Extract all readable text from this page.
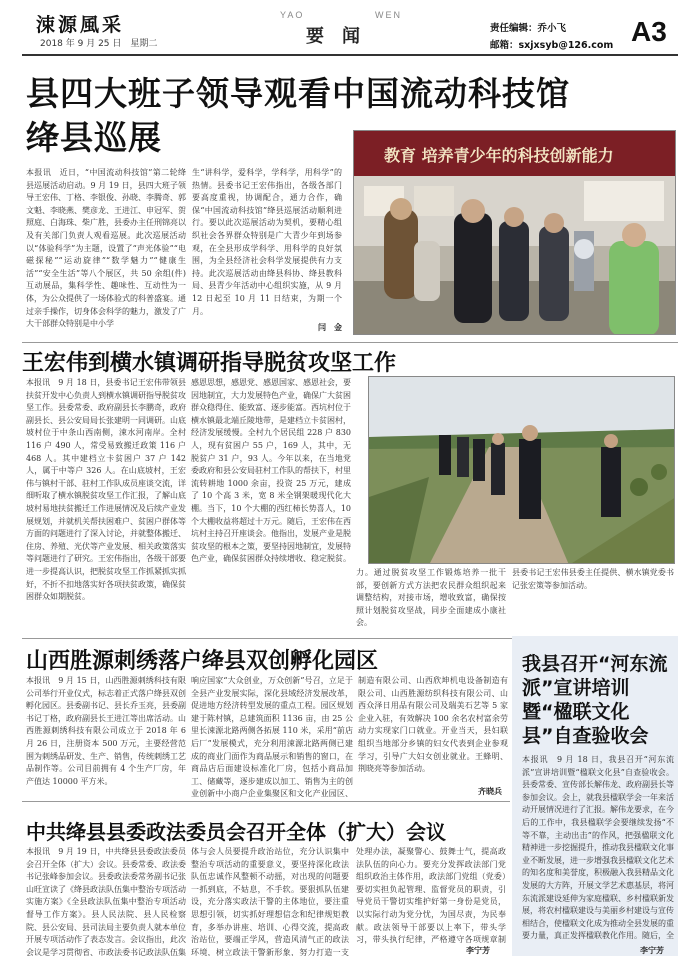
涑源風采
2018 年 9 月 25 日　星期二
YAO	WEN
要闻	责任编辑：乔小飞
邮箱：sxjxsyb@126.com A3
县四大班子领导观看中国流动科技馆
绛县巡展
本报讯　近日，“中国流动科技馆”第二轮绛县巡展活动启动。9 月 19 日，县四大班子领导王宏伟、丁格、李银俊、孙晓、李腾奇、郭文魁、李晓燕、樊彦龙、王进江、申冠军、贺照庭、白海珠、柴广胜，县委办主任刑锦亮以及有关部门负责人观看巡展。此次巡展活动以“体验科学”为主题，设置了“声光体验”“电磁探秘”“运动旋律”“数学魅力”“健康生活”“安全生活”等八个展区，共 50 余组(件)互动展品，集科学性、趣味性、互动性为一体，为公众提供了一场体验式的科普盛宴。通过亲手操作，切身体会科学的魅力，激发了广大干部群众特别是中小学
生“讲科学，爱科学，学科学，用科学”的热情。县委书记王宏伟指出，各级各部门要高度重视，协调配合，通力合作，确保“中国流动科技馆”绛县巡展活动顺利进行。要以此次巡展活动为契机，要精心组织社会各界群众特别是广大青少年到场参观，在全县形成学科学、用科学的良好氛围，为全县经济社会科学发展提供有力支持。此次巡展活动由绛县科协、绛县教科局、县青少年活动中心组织实施，从 9 月 12 日起至 10 月 11 日结束，为期一个月。
闫　金
教育 培养青少年的科技创新能力
王宏伟到横水镇调研指导脱贫攻坚工作
本报讯　9 月 18 日，县委书记王宏伟带领县扶贫开发中心负责人到横水镇调研指导脱贫攻坚工作。县委常委、政府副县长李鹏奇，政府副县长、县公安局局长张建明一同调研。山底坡村位于中条山西南侧，涑水河南岸。全村 116 户 490 人，常受易致搬迁政策 116 户 468 人。其中建档立卡贫困户 37 户 142 人，属于中等户 326 人。在山底坡村，王宏伟与镇村干部、驻村工作队成员座谈交流，详细听取了横水镇脱贫攻坚工作汇报，了解山底坡村易地扶贫搬迁工作进展情况及后续产业发展规划，并就机关帮扶困难户、贫困户群体等方面的问题进行了深入讨论，并就整体搬迁、住房、养殖、光伏等产业发展、相关政策落实等问题进行了研究。王宏伟指出，各级干部要进一步提高认识，把脱贫攻坚工作抓紧抓实抓好，不折不扣地落实好各项扶贫政策，确保贫困群众如期脱贫。
感恩思想，感恩党、感恩国家、感恩社会，要因地制宜，大力发展特色产业，确保广大贫困群众稳得住、能致富、逐步能富。西坑村位于横水镇最北端丘陵地带，是建档立卡贫困村，经济发展缓慢。全村九个居民组 228 户 830 人，现有贫困户 55 户，169 人，其中，无脱贫户 31 户，93 人。今年以来，在当地党委政府和县公安局驻村工作队的帮扶下，村里流转耕地 1000 余亩，投资 25 万元，建成了 10 个高 3 米，宽 8 米全钢架暖现代化大棚。当下，10 个大棚的西红柿长势喜人，10 个大棚收益将超过十万元。随后，王宏伟在西坑村主持召开座谈会。他指出，发展产业是脱贫攻坚的根本之策，要坚持因地制宜，发展特色产业，确保贫困群众持续增收、稳定脱贫。
力。通过脱贫攻坚工作锻炼培养一批干部，要创新方式方法把农民群众组织起来调整结构，对接市场，增收致富，确保按照计划脱贫攻坚战，同步全面建成小康社会。
县委书记王宏伟县委主任提供、横水镇党委书记张宏策等参加活动。
山西胜源刺绣落户绛县双创孵化园区
本报讯　9 月 15 日，山西胜源刺绣科技有限公司举行开业仪式，标志着正式落户绛县双创孵化园区。县委副书记、县长乔玉亮，县委副书记丁格，政府副县长王进江等出席活动。山西胜源刺绣科技有限公司成立于 2018 年 6 月 26 日，注册资本 500 万元，主要经营范围为刺绣品研发、生产、销售，传统刺绣工艺品制作等。公司目前拥有 4 个生产厂房，年产值达 10000 平方米。
响应国家“大众创业，万众创新”号召，立足于全县产业发展实际，深化县域经济发展改革，促进地方经济转型发展的重点工程。园区规划建于陈村镇，总建筑面积 1136 亩，由 25 公里长涑源北路两侧各拓展 110 米，采用“前店后厂”发展模式，充分利用涑源北路两侧已建成的商业门面作为商品展示和销售的窗口，在商品店后面建设标准化厂房，包括小商品加工、储藏等，逐步建成以加工、销售为主的创业创新中小商户企业集聚区和文化产业园区、
制造有限公司、山西欣坤机电设备制造有限公司、山西胜源纺织科技有限公司、山西众泽日用品有限公司及瑞美石艺等 5 家企业入驻，有效解决 100 余名农村富余劳动力实现家门口就业。开业当天，县妇联组织当地部分乡镇的妇女代表到企业参观学习，引导广大妇女创业就业。王蜂明、荆晓亮等参加活动。
齐晓兵
我县召开“河东流派”宣讲培训暨“楹联文化县”自查验收会
本报讯　9 月 18 日，我县召开“河东流派”宣讲培训暨“楹联文化县”自查验收会。县委常委、宣传部长解伟龙、政府副县长等参加会议。会上，就我县楹联学会一年来活动开展情况进行了汇报。解伟龙要求，在今后的工作中，我县楹联学会要继续发扬“不等不靠，主动出击”的作风，把强楹联文化精神进一步挖掘提升，推动我县楹联文化事业不断发展，进一步增强我县楹联文化艺术的知名度和美誉度，积极融入我县精品文化发展的大方阵，开展文学艺术惠基层，将河东流派建设延伸为家庭楹联、乡村楹联新发展，将农村楹联建设与美丽乡村建设与宣传相结合，使楹联文化成为推动全县发展的重要力量，真正发挥楹联教化作用。随后，全
李宁芳
中共绛县县委政法委员会召开全体（扩大）会议
本报讯　9 月 19 日，中共绛县县委政法委员会召开全体（扩大）会议。县委常委、政法委书记张峰参加会议。县委政法委常务副书记张山旺宣读了《绛县政法队伍集中整治专项活动实施方案》《全县政法队伍集中整治专项活动督导工作方案》。县人民法院、县人民检察院、县公安局、县司法局主要负责人就本单位开展专项活动作了表态发言。会议指出，此次会议是学习贯彻省、市政法委书记政法队伍集
体与会人员要提升政治站位，充分认识集中整治专项活动的重要意义，要坚持深化政法队伍忠诚作风整顿不动摇，对出现的问题要一抓到底，不姑息，不手软。要狠抓队伍建设，充分落实政法干警的主体地位，要注重思想引领，切实抓好理想信念和纪律规矩教育，多举办讲座、培训、心得交流，提高政治站位，要端正学风，营造风清气正的政法环境，树立政法干警新形象，努力打造一支
处理办法，凝聚警心、鼓舞士气，提高政法队伍的向心力。要充分发挥政法部门党组织政治主体作用，政法部门党组（党委）要切实担负起管理、监督党员的职责，引导党员干警切实维护好第一身份是党员，以实际行动为党分忧，为国尽责，为民奉献。政法领导干部要以上率下，带头学习，带头执行纪律，严格遵守各项规章制
李宁芳
